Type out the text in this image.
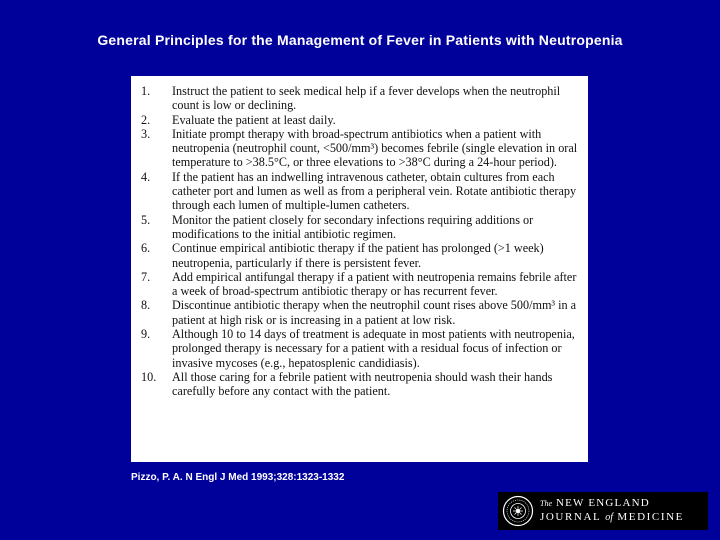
General Principles for the Management of Fever in Patients with Neutropenia
1.	Instruct the patient to seek medical help if a fever develops when the neutrophil count is low or declining.
2.	Evaluate the patient at least daily.
3.	Initiate prompt therapy with broad-spectrum antibiotics when a patient with neutropenia (neutrophil count, <500/mm³) becomes febrile (single elevation in oral temperature to >38.5°C, or three elevations to >38°C during a 24-hour period).
4.	If the patient has an indwelling intravenous catheter, obtain cultures from each catheter port and lumen as well as from a peripheral vein. Rotate antibiotic therapy through each lumen of multiple-lumen catheters.
5.	Monitor the patient closely for secondary infections requiring additions or modifications to the initial antibiotic regimen.
6.	Continue empirical antibiotic therapy if the patient has prolonged (>1 week) neutropenia, particularly if there is persistent fever.
7.	Add empirical antifungal therapy if a patient with neutropenia remains febrile after a week of broad-spectrum antibiotic therapy or has recurrent fever.
8.	Discontinue antibiotic therapy when the neutrophil count rises above 500/mm³ in a patient at high risk or is increasing in a patient at low risk.
9.	Although 10 to 14 days of treatment is adequate in most patients with neutropenia, prolonged therapy is necessary for a patient with a residual focus of infection or invasive mycoses (e.g., hepatosplenic candidiasis).
10.	All those caring for a febrile patient with neutropenia should wash their hands carefully before any contact with the patient.
Pizzo, P. A. N Engl J Med 1993;328:1323-1332
The NEW ENGLAND
JOURNAL of MEDICINE
